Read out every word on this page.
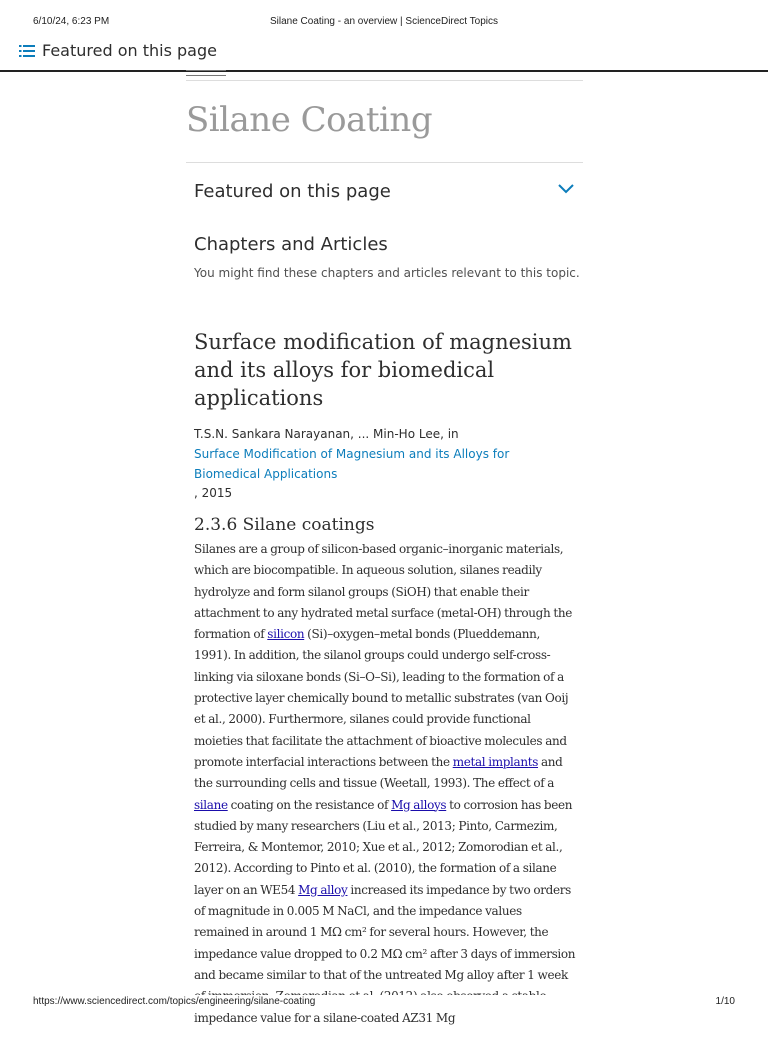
6/10/24, 6:23 PM	Silane Coating - an overview | ScienceDirect Topics
Featured on this page
Silane Coating
Featured on this page
Chapters and Articles
You might find these chapters and articles relevant to this topic.
Surface modification of magnesium and its alloys for biomedical applications
T.S.N. Sankara Narayanan, ... Min-Ho Lee, in
Surface Modification of Magnesium and its Alloys for Biomedical Applications
, 2015
2.3.6 Silane coatings

Silanes are a group of silicon-based organic–inorganic materials, which are biocompatible. In aqueous solution, silanes readily hydrolyze and form silanol groups (SiOH) that enable their attachment to any hydrated metal surface (metal-OH) through the formation of silicon (Si)–oxygen–metal bonds (Plueddemann, 1991). In addition, the silanol groups could undergo self-cross-linking via siloxane bonds (Si–O–Si), leading to the formation of a protective layer chemically bound to metallic substrates (van Ooij et al., 2000). Furthermore, silanes could provide functional moieties that facilitate the attachment of bioactive molecules and promote interfacial interactions between the metal implants and the surrounding cells and tissue (Weetall, 1993). The effect of a silane coating on the resistance of Mg alloys to corrosion has been studied by many researchers (Liu et al., 2013; Pinto, Carmezim, Ferreira, & Montemor, 2010; Xue et al., 2012; Zomorodian et al., 2012). According to Pinto et al. (2010), the formation of a silane layer on an WE54 Mg alloy increased its impedance by two orders of magnitude in 0.005 M NaCl, and the impedance values remained in around 1 MΩ cm² for several hours. However, the impedance value dropped to 0.2 MΩ cm² after 3 days of immersion and became similar to that of the untreated Mg alloy after 1 week impedance value for a silane-coated AZ31 Mg

https://www.sciencedirect.com/topics/engineering/silane-coating	1/10
